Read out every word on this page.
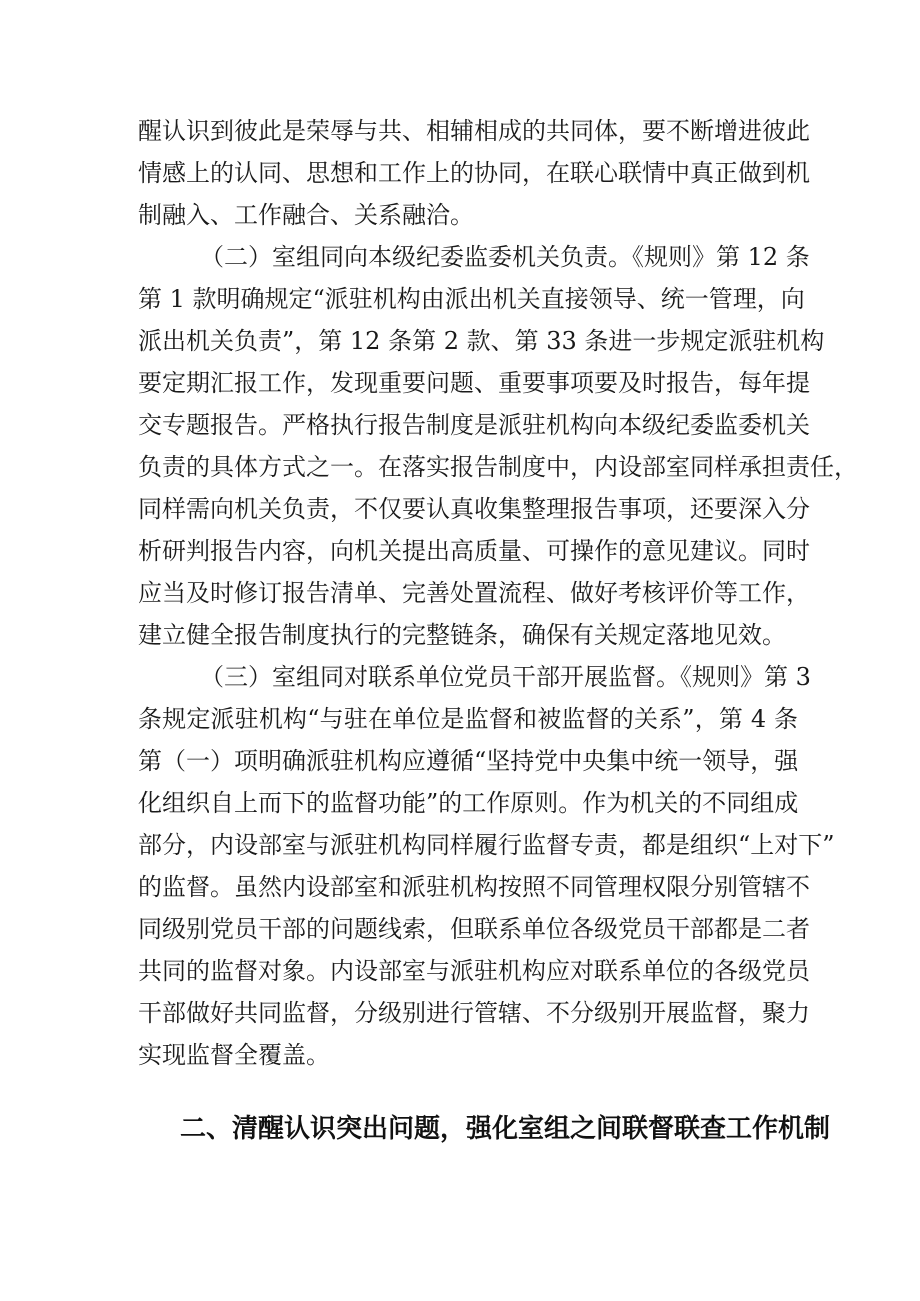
醒认识到彼此是荣辱与共、相辅相成的共同体，要不断增进彼此
情感上的认同、思想和工作上的协同，在联心联情中真正做到机
制融入、工作融合、关系融洽。
（二）室组同向本级纪委监委机关负责。《规则》第 12 条
第 1 款明确规定“派驻机构由派出机关直接领导、统一管理，向
派出机关负责”，第 12 条第 2 款、第 33 条进一步规定派驻机构
要定期汇报工作，发现重要问题、重要事项要及时报告，每年提
交专题报告。严格执行报告制度是派驻机构向本级纪委监委机关
负责的具体方式之一。在落实报告制度中，内设部室同样承担责任，
同样需向机关负责，不仅要认真收集整理报告事项，还要深入分
析研判报告内容，向机关提出高质量、可操作的意见建议。同时
应当及时修订报告清单、完善处置流程、做好考核评价等工作，
建立健全报告制度执行的完整链条，确保有关规定落地见效。
（三）室组同对联系单位党员干部开展监督。《规则》第 3
条规定派驻机构“与驻在单位是监督和被监督的关系”，第 4 条
第（一）项明确派驻机构应遵循“坚持党中央集中统一领导，强
化组织自上而下的监督功能”的工作原则。作为机关的不同组成
部分，内设部室与派驻机构同样履行监督专责，都是组织“上对下”
的监督。虽然内设部室和派驻机构按照不同管理权限分别管辖不
同级别党员干部的问题线索，但联系单位各级党员干部都是二者
共同的监督对象。内设部室与派驻机构应对联系单位的各级党员
干部做好共同监督，分级别进行管辖、不分级别开展监督，聚力
实现监督全覆盖。
二、清醒认识突出问题，强化室组之间联督联查工作机制
